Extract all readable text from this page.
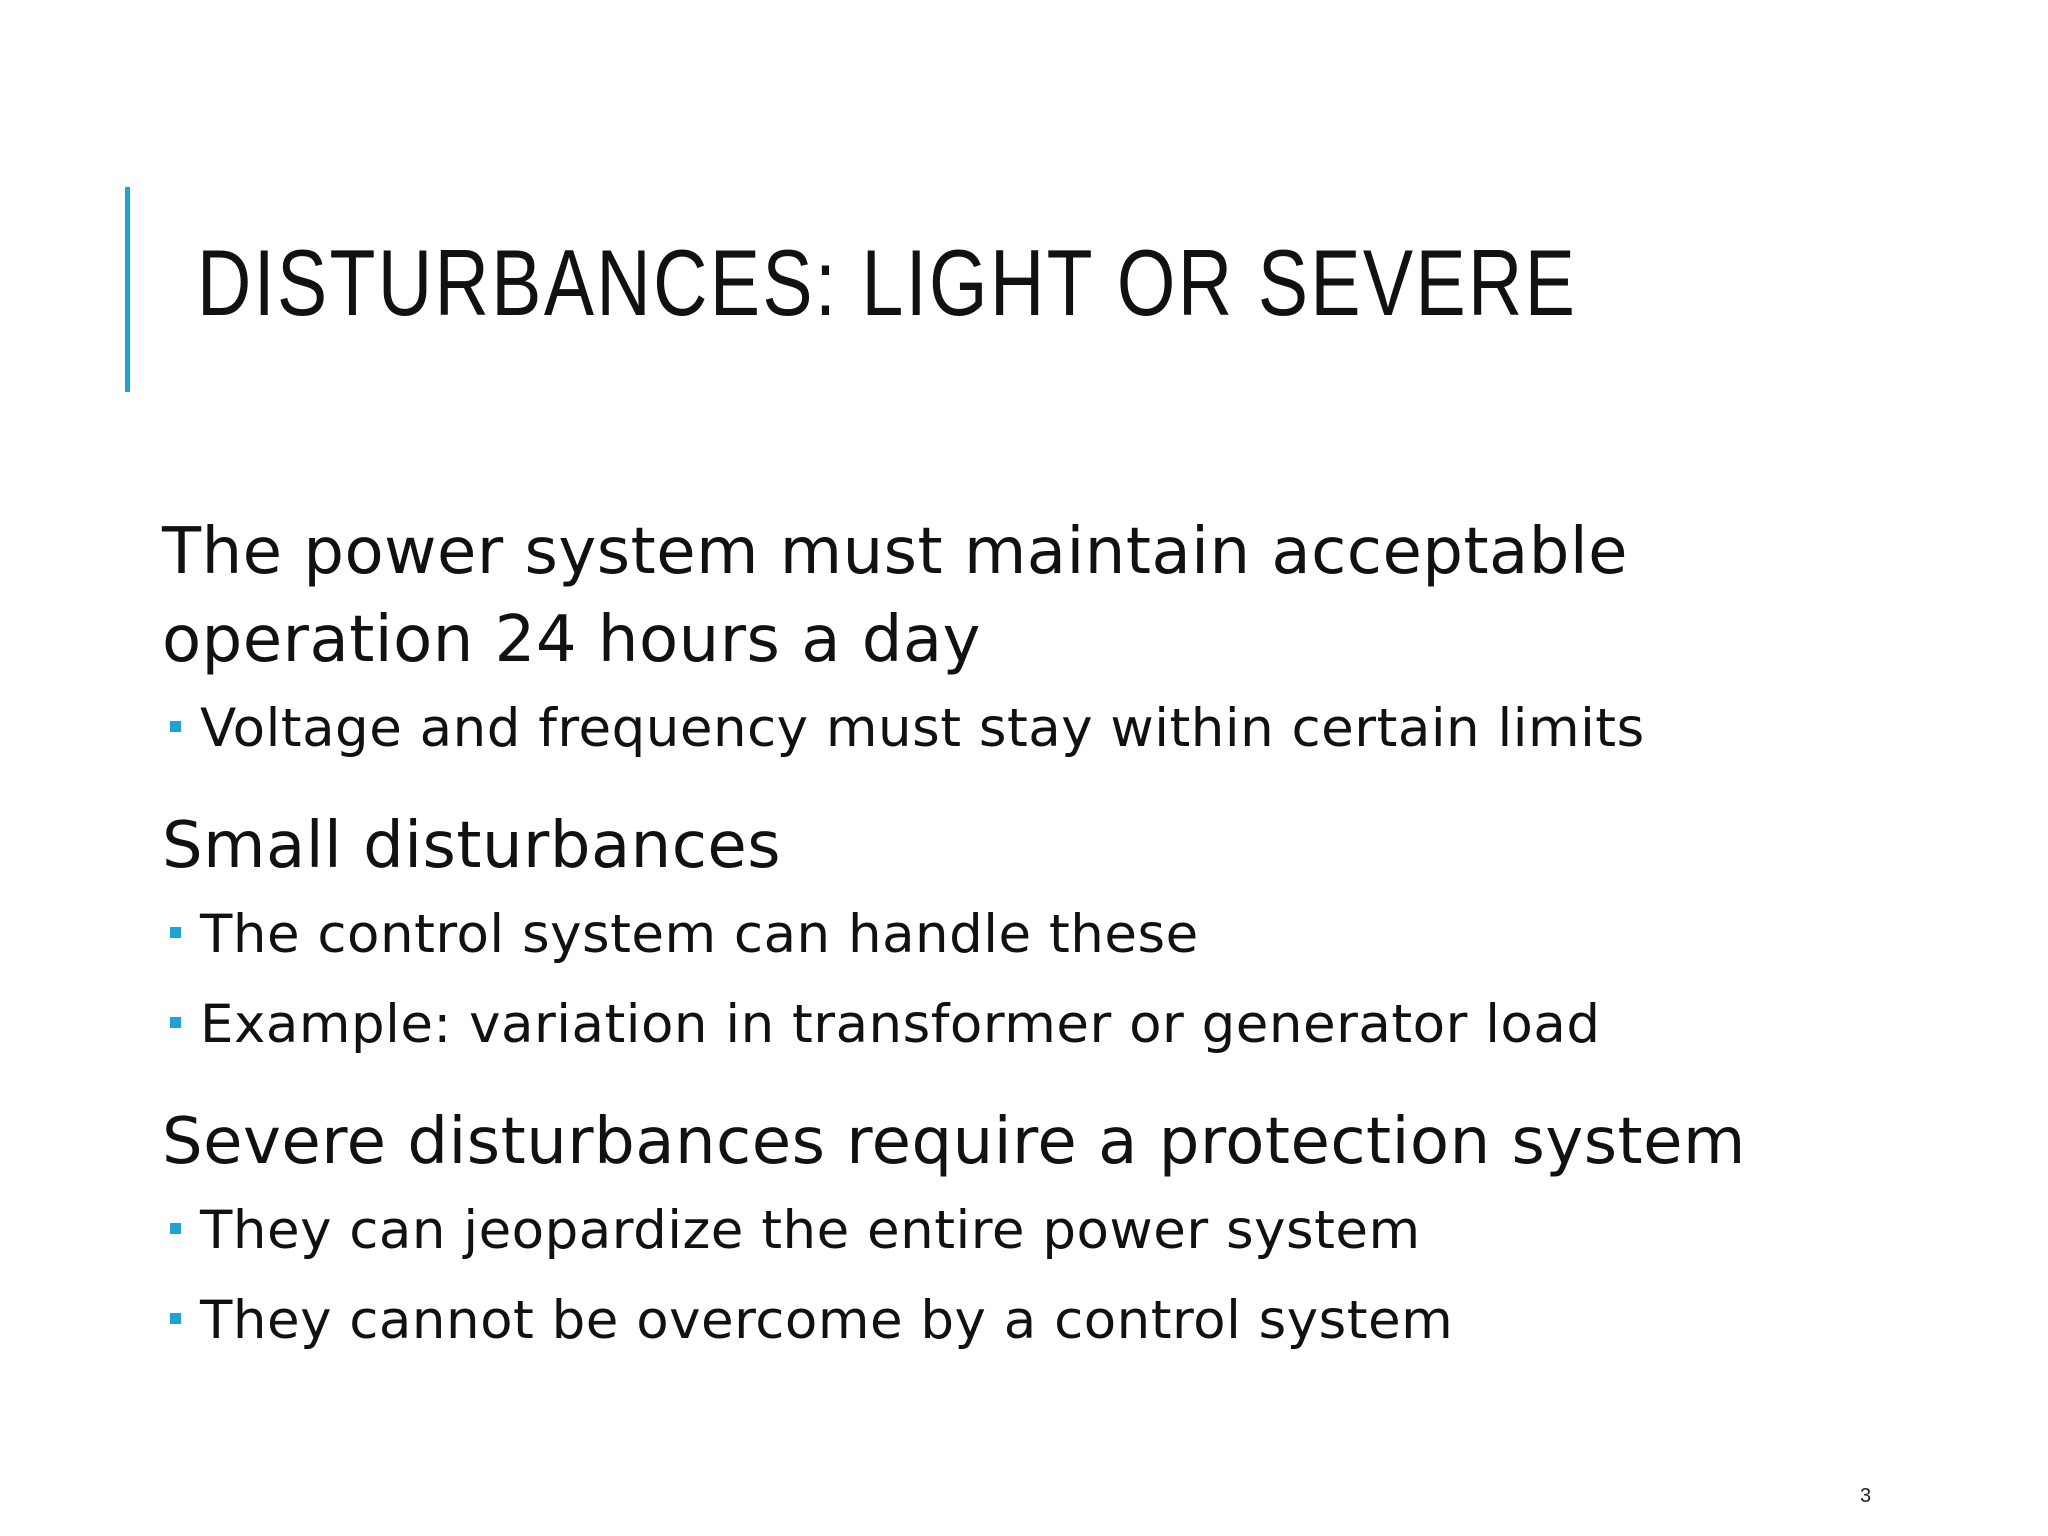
DISTURBANCES: LIGHT OR SEVERE

The power system must maintain acceptable operation 24 hours a day

Voltage and frequency must stay within certain limits

Small disturbances

The control system can handle these
Example: variation in transformer or generator load

Severe disturbances require a protection system

They can jeopardize the entire power system
They cannot be overcome by a control system
3
